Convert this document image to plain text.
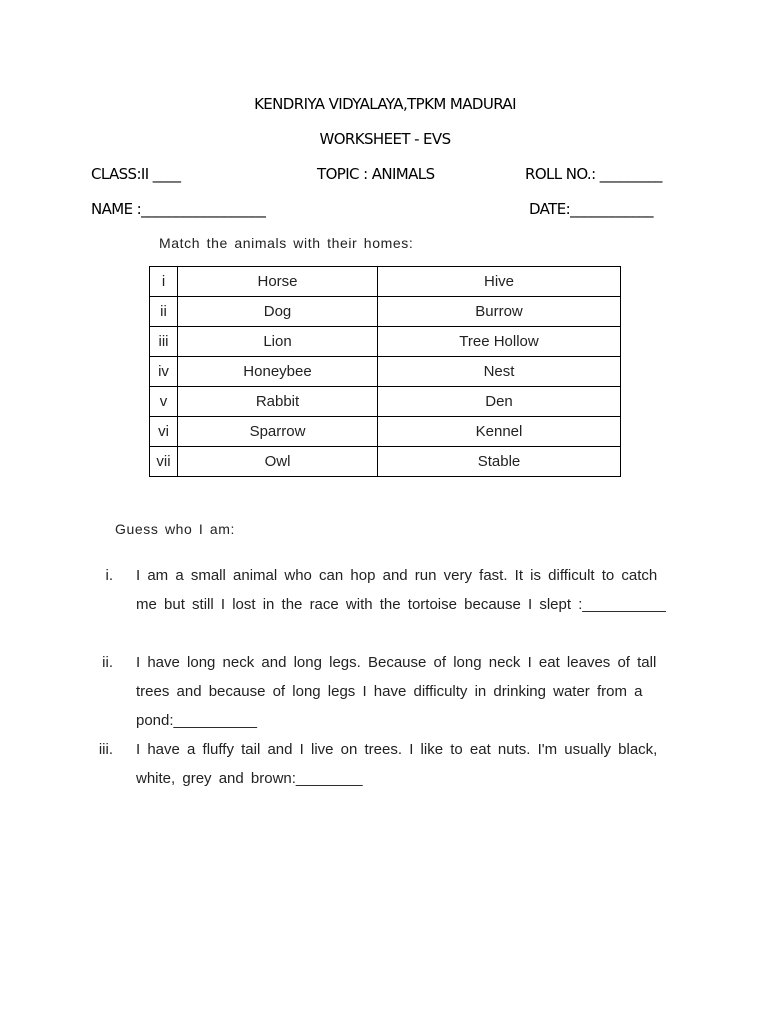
KENDRIYA VIDYALAYA,TPKM MADURAI
WORKSHEET - EVS
CLASS:II ____	TOPIC : ANIMALS	ROLL NO.: _________
NAME :__________________	DATE:____________
Match the animals with their homes:
i	Horse	Hive
ii	Dog	Burrow
iii	Lion	Tree Hollow
iv	Honeybee	Nest
v	Rabbit	Den
vi	Sparrow	Kennel
vii	Owl	Stable
Guess who I am:
i. I am a small animal who can hop and run very fast. It is difficult to catch me but still I lost in the race with the tortoise because I slept :__________
ii. I have long neck and long legs. Because of long neck I eat leaves of tall trees and because of long legs I have difficulty in drinking water from a pond:__________
iii. I have a fluffy tail and I live on trees. I like to eat nuts. I'm usually black, white, grey and brown:________
